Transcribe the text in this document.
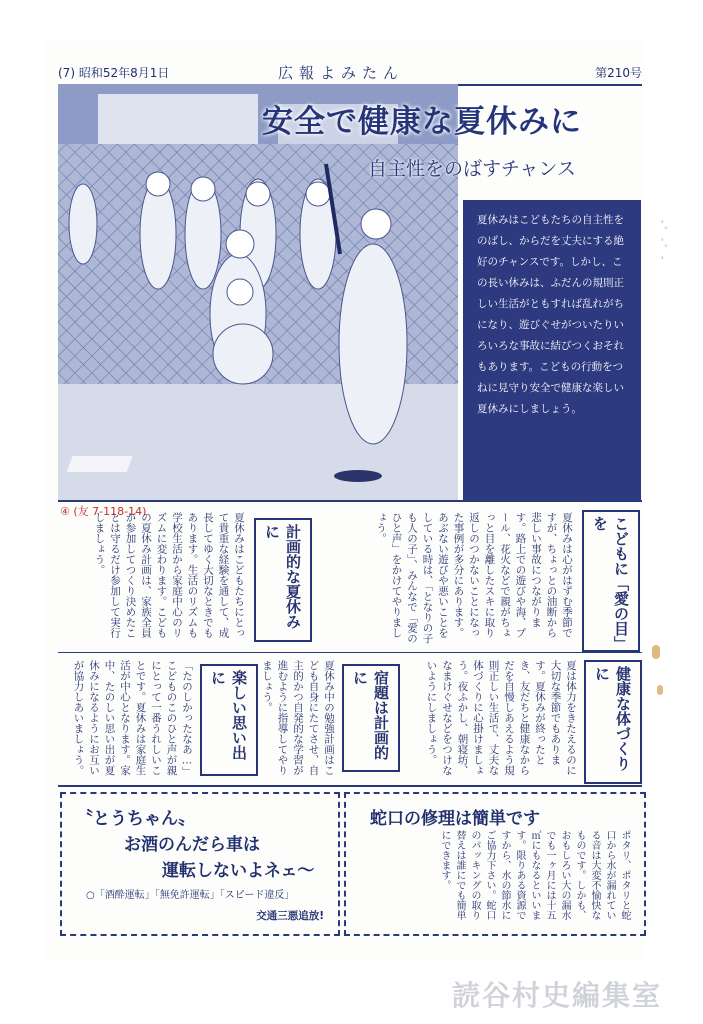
(7) 昭和52年8月1日	広報よみたん	第210号
安全で健康な夏休みに
自主性をのばすチャンス

夏休みはこどもたちの自主性をのばし、からだを丈夫にする絶好のチャンスです。しかし、この長い休みは、ふだんの規則正しい生活がともすれば乱れがちになり、遊びぐせがついたりいろいろな事故に結びつくおそれもあります。こどもの行動をつねに見守り安全で健康な楽しい夏休みにしましょう。

④ (友 7-118-14)
こどもに「愛の目」を
夏休みは心がはずむ季節ですが、ちょっとの油断から悲しい事故につながります。路上での遊びや海、プール、花火などで親がちょっと目を離したスキに取り返しのつかないことになった事例が多分にあります。あぶない遊びや悪いことをしている時は、「となりの子も人の子」、みんなで「愛のひと声」をかけてやりましょう。
計画的な夏休みに
夏休みはこどもたちにとって貴重な経験を通して、成長してゆく大切なときでもあります。生活のリズムも学校生活から家庭中心のリズムに変わります。こどもの夏休み計画は、家族全員が参加してつくり決めたことは守るだけ参加して実行しましょう。
健康な体づくりに
夏は体力をきたえるのに大切な季節でもあります。夏休みが終ったとき、友だちと健康なからだを自慢しあえるよう規則正しい生活で、丈夫な体づくりに心掛けましょう。夜ふかし、朝寝坊、なまけぐせなどをつけないようにしましょう。
宿題は計画的に
夏休み中の勉強計画はこども自身にたてさせ、自主的かつ自発的な学習が進むように指導してやりましょう。
楽しい思い出に
「たのしかったなあ…」こどものこのひと声が親にとって一番うれしいことです。夏休みは家庭生活が中心となります。家中、たのしい思い出が夏休みになるようにお互いが協力しあいましょう。
〝とうちゃん〟
お酒のんだら車は
運転しないよネェ〜
○「酒酔運転」「無免許運転」「スピード違反」
交通三悪追放!
蛇口の修理は簡単です
ポタリ、ポタリと蛇口から水が漏れている音は大変不愉快なものです。しかも、おもしろい大の漏水でも一ヶ月には十五㎥にもなるといいます。限りある資源ですから、水の節水にご協力下さい。蛇口のパッキングの取り替えは誰にでも簡単にできます。
- 。 - 。 -
読谷村史編集室
